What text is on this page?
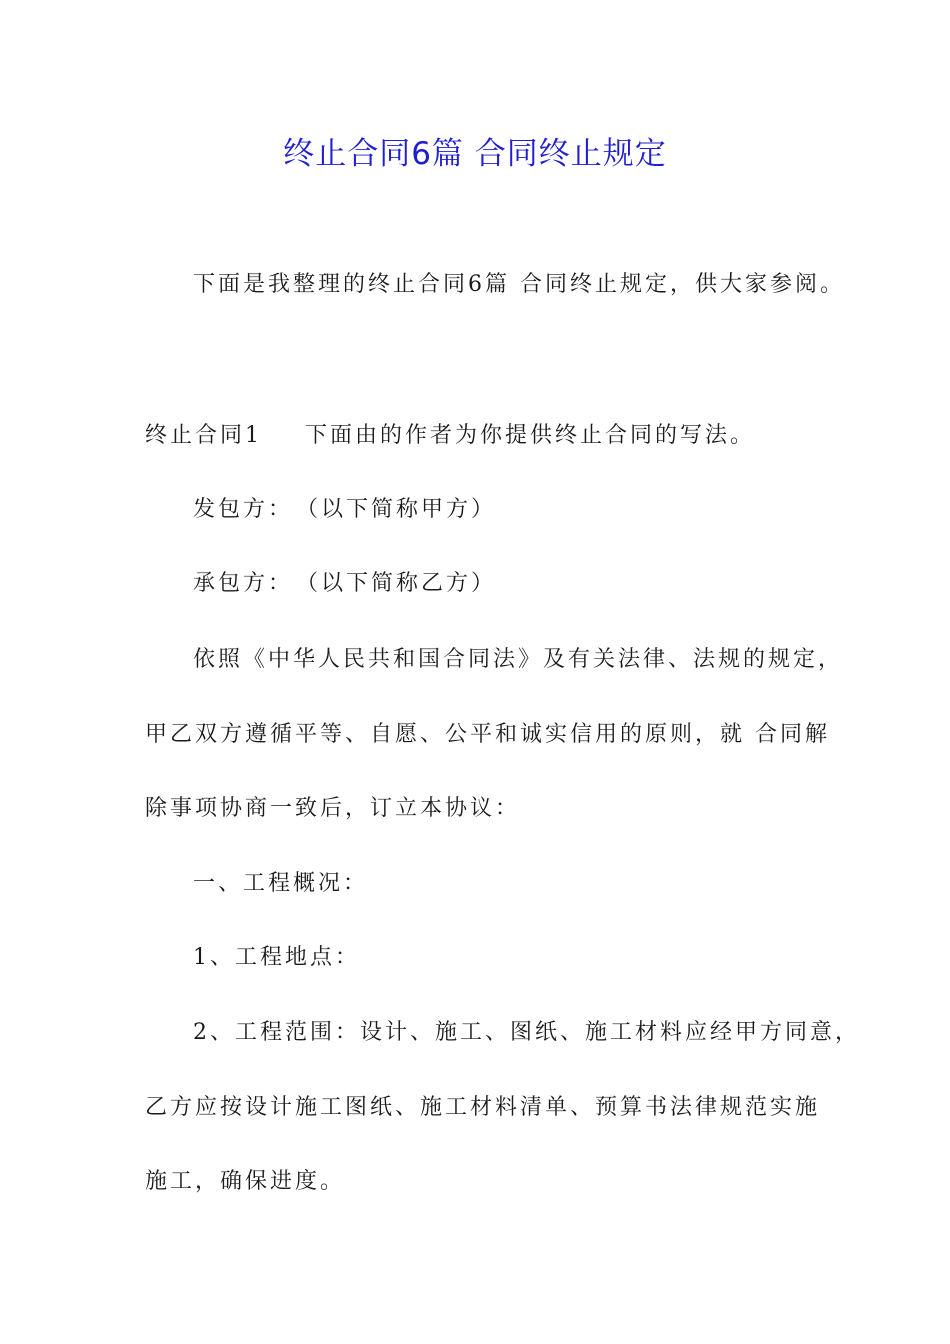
终止合同6篇 合同终止规定
下面是我整理的终止合同6篇 合同终止规定，供大家参阅。
终止合同1 下面由的作者为你提供终止合同的写法。
发包方：　（以下简称甲方）
承包方：　（以下简称乙方）
依照《中华人民共和国合同法》及有关法律、法规的规定，
甲乙双方遵循平等、自愿、公平和诚实信用的原则，就 合同解
除事项协商一致后，订立本协议：
一、工程概况：
1、工程地点：
2、工程范围：设计、施工、图纸、施工材料应经甲方同意，
乙方应按设计施工图纸、施工材料清单、预算书法律规范实施
施工，确保进度。
